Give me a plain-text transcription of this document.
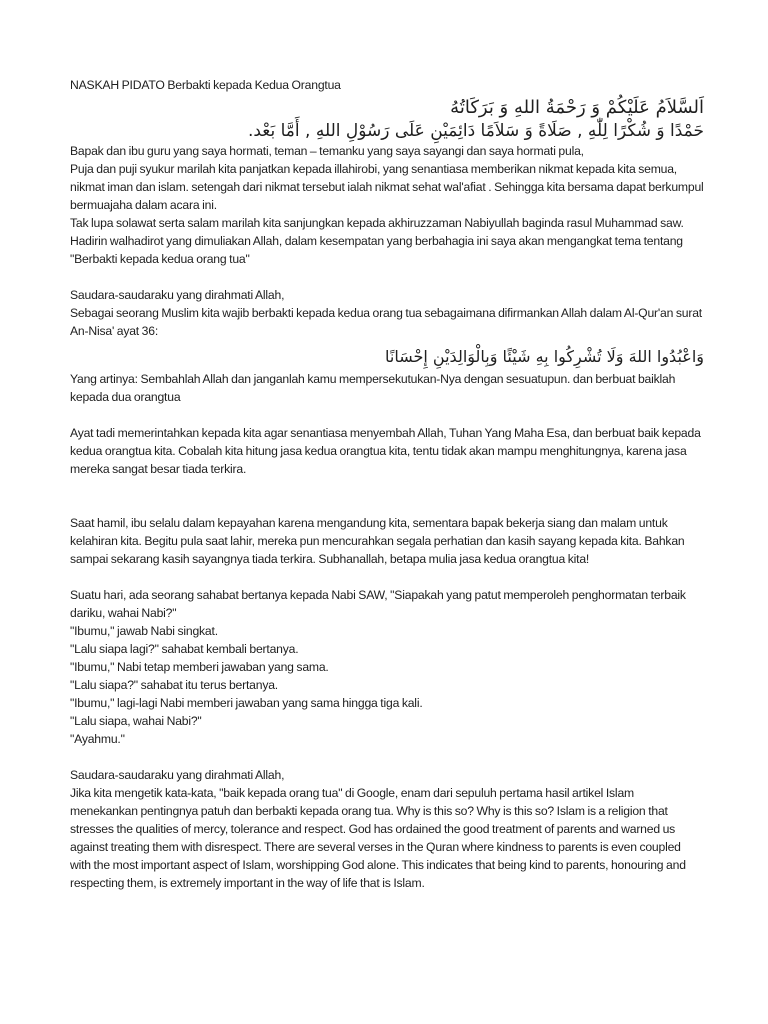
NASKAH PIDATO Berbakti kepada Kedua Orangtua
اَلسَّلاَمُ عَلَيْكُمْ وَ رَحْمَةُ اللهِ وَ بَرَكَاتُهُ
حَمْدًا وَ شُكْرًا لِلّٰهِ , صَلَاةً وَ سَلاَمًا دَائِمَيْنِ عَلَى رَسُوْلِ اللهِ , أَمَّا بَعْد.

Bapak dan ibu guru yang saya hormati, teman – temanku yang saya sayangi dan saya hormati pula,

Puja dan puji syukur marilah kita panjatkan kepada illahirobi, yang senantiasa memberikan nikmat kepada kita semua, nikmat iman dan islam. setengah dari nikmat tersebut ialah nikmat sehat wal'afiat . Sehingga kita bersama dapat berkumpul bermuajaha dalam acara ini.

Tak lupa solawat serta salam marilah kita sanjungkan kepada akhiruzzaman Nabiyullah baginda rasul Muhammad saw.

Hadirin walhadirot yang dimuliakan Allah, dalam kesempatan yang berbahagia ini saya akan mengangkat tema tentang "Berbakti kepada kedua orang tua"

Saudara-saudaraku yang dirahmati Allah,

Sebagai seorang Muslim kita wajib berbakti kepada kedua orang tua sebagaimana difirmankan Allah dalam Al-Qur'an surat An-Nisa' ayat 36:

وَاعْبُدُوا اللهَ وَلَا تُشْرِكُوا بِهِ شَيْئًا وَبِالْوَالِدَيْنِ إِحْسَانًا

Yang artinya: Sembahlah Allah dan janganlah kamu mempersekutukan-Nya dengan sesuatupun. dan berbuat baiklah kepada dua orangtua

Ayat tadi memerintahkan kepada kita agar senantiasa menyembah Allah, Tuhan Yang Maha Esa, dan berbuat baik kepada kedua orangtua kita. Cobalah kita hitung jasa kedua orangtua kita, tentu tidak akan mampu menghitungnya, karena jasa mereka sangat besar tiada terkira.

Saat hamil, ibu selalu dalam kepayahan karena mengandung kita, sementara bapak bekerja siang dan malam untuk kelahiran kita. Begitu pula saat lahir, mereka pun mencurahkan segala perhatian dan kasih sayang kepada kita. Bahkan sampai sekarang kasih sayangnya tiada terkira. Subhanallah, betapa mulia jasa kedua orangtua kita!

Suatu hari, ada seorang sahabat bertanya kepada Nabi SAW, "Siapakah yang patut memperoleh penghormatan terbaik dariku, wahai Nabi?"

"Ibumu," jawab Nabi singkat.

"Lalu siapa lagi?" sahabat kembali bertanya.

"Ibumu," Nabi tetap memberi jawaban yang sama.

"Lalu siapa?" sahabat itu terus bertanya.

"Ibumu," lagi-lagi Nabi memberi jawaban yang sama hingga tiga kali.

"Lalu siapa, wahai Nabi?"

"Ayahmu."

Saudara-saudaraku yang dirahmati Allah,

Jika kita mengetik kata-kata, "baik kepada orang tua" di Google, enam dari sepuluh pertama hasil artikel Islam menekankan pentingnya patuh dan berbakti kepada orang tua. Why is this so? Why is this so? Islam is a religion that stresses the qualities of mercy, tolerance and respect. God has ordained the good treatment of parents and warned us against treating them with disrespect. There are several verses in the Quran where kindness to parents is even coupled with the most important aspect of Islam, worshipping God alone. This indicates that being kind to parents, honouring and respecting them, is extremely important in the way of life that is Islam.
